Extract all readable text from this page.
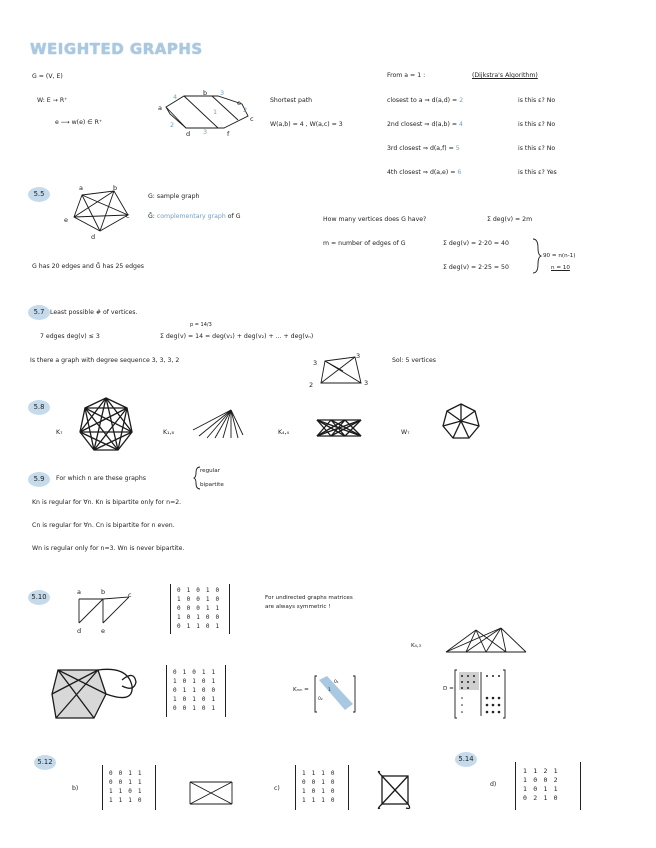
WEIGHTED GRAPHS
G = (V, E)
W: E → R⁺
e ⟶ w(e) ∈ R⁺
a
b
c
d
e
f
4	3
1
2
3
2
Shortest path
W(a,b) = 4 , W(a,c) = 3
From a = 1 :	(Dijkstra's Algorithm)
closest to a ⇒ d(a,d) = 2	is this ε? No
2nd closest ⇒ d(a,b) = 4	is this ε? No
3rd closest ⇒ d(a,f) = 5	is this ε? No
4th closest ⇒ d(a,e) = 6	is this ε? Yes
5.5
a	b
c
d
e
G: sample graph
Ḡ: complementary graph of G	How many vertices does G have?	Σ deg(v) = 2m
m = number of edges of G	Σ deg(v) = 2·20 = 40
Σ deg(v) = 2·25 = 50
90 = n(n-1)
n = 10
G has 20 edges and Ḡ has 25 edges
5.7 Least possible # of vertices.
7 edges deg(v) ≤ 3
p = 14/3
Σ deg(v) = 14 = deg(v₁) + deg(v₂) + ... + deg(vₙ)
Is there a graph with degree sequence 3, 3, 3, 2	3
3
2	3
Sol: 5 vertices
5.8
K₇	K₁,₈	K₄,₄	W₇
5.9	For which n are these graphs
regular
bipartite
Kn is regular for ∀n. Kn is bipartite only for n=2.
Cn is regular for ∀n. Cn is bipartite for n even.
Wn is regular only for n=3. Wn is never bipartite.
5.10
a	b	c
d	e
0 1 0 1 0
1 0 0 1 0
0 0 0 1 1
1 0 1 0 0
0 1 1 0 1
For undirected graphs matrices
are always symmetric !
K₄,₃
0 1 0 1 1
1 0 1 0 1
0 1 1 0 0
1 0 1 0 1
0 0 1 0 1
Kₘₙ =
0₁
0₂
1	D =
5.12
b)
0 0 1 1
0 0 1 1
1 1 0 1
1 1 1 0
c)
1 1 1 0
0 0 1 0
1 0 1 0
1 1 1 0
5.14
d)
1 1 2 1
1 0 0 2
1 0 1 1
0 2 1 0
